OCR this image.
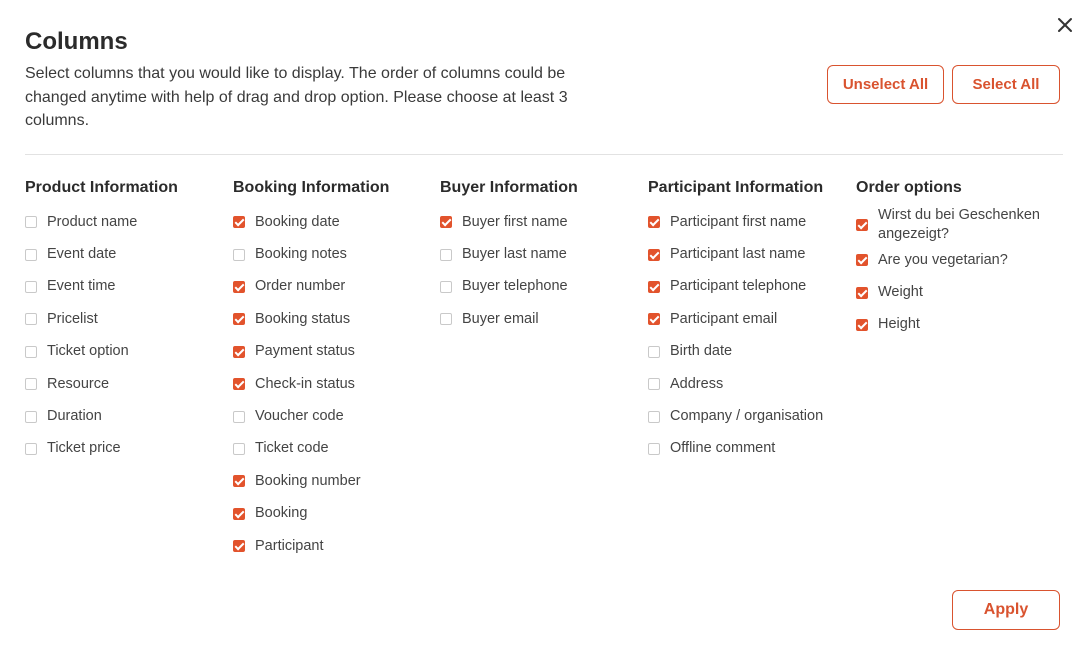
Columns

Select columns that you would like to display. The order of columns could be changed anytime with help of drag and drop option. Please choose at least 3 columns.

Unselect All	Select All
Product Information
Product name
Event date
Event time
Pricelist
Ticket option
Resource
Duration
Ticket price
Booking Information
Booking date
Booking notes
Order number
Booking status
Payment status
Check-in status
Voucher code
Ticket code
Booking number
Booking
Participant
Buyer Information
Buyer first name
Buyer last name
Buyer telephone
Buyer email
Participant Information
Participant first name
Participant last name
Participant telephone
Participant email
Birth date
Address
Company / organisation
Offline comment
Order options
Wirst du bei Geschenken angezeigt?
Are you vegetarian?
Weight
Height
Apply
